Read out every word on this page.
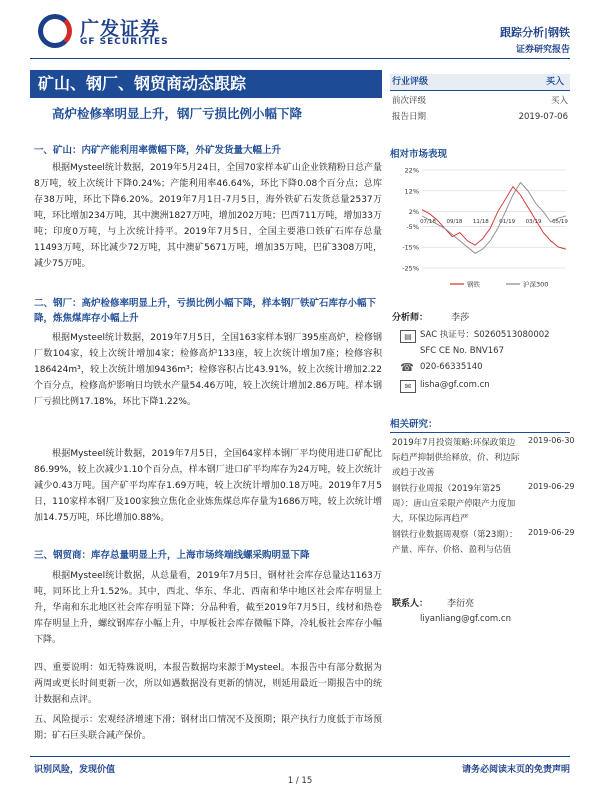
广发证券
GF SECURITIES
跟踪分析|钢铁
证券研究报告
矿山、钢厂、钢贸商动态跟踪
高炉检修率明显上升，钢厂亏损比例小幅下降
一、矿山：内矿产能利用率微幅下降，外矿发货量大幅上升
根据Mysteel统计数据，2019年5月24日，全国70家样本矿山企业铁精粉日总产量8万吨，较上次统计下降0.24%；产能利用率46.64%，环比下降0.08个百分点；总库存38万吨，环比下降6.20%。2019年7月1日-7月5日，海外铁矿石发货总量2537万吨，环比增加234万吨，其中澳洲1827万吨，增加202万吨；巴西711万吨，增加33万吨；印度0万吨，与上次统计持平。2019年7月5日，全国主要港口铁矿石库存总量11493万吨，环比减少72万吨，其中澳矿5671万吨，增加35万吨，巴矿3308万吨，减少75万吨。
二、钢厂：高炉检修率明显上升，亏损比例小幅下降，样本钢厂铁矿石库存小幅下降，炼焦煤库存小幅上升
根据Mysteel统计数据，2019年7月5日，全国163家样本钢厂395座高炉，检修钢厂数104家，较上次统计增加4家；检修高炉133座，较上次统计增加7座；检修容积186424m³，较上次统计增加9436m³；检修容积占比43.91%，较上次统计增加2.22个百分点，检修高炉影响日均铁水产量54.46万吨，较上次统计增加2.86万吨。样本钢厂亏损比例17.18%，环比下降1.22%。
根据Mysteel统计数据，2019年7月5日，全国64家样本钢厂平均使用进口矿配比86.99%，较上次减少1.10个百分点，样本钢厂进口矿平均库存为24万吨，较上次统计减少0.43万吨。国产矿平均库存1.69万吨，较上次统计增加0.18万吨。2019年7月5日，110家样本钢厂及100家独立焦化企业炼焦煤总库存量为1686万吨，较上次统计增加14.75万吨，环比增加0.88%。
三、钢贸商：库存总量明显上升，上海市场终端线螺采购明显下降
根据Mysteel统计数据，从总量看，2019年7月5日，钢材社会库存总量达1163万吨，同环比上升1.52%。其中，西北、华东、华北、西南和华中地区社会库存明显上升，华南和东北地区社会库存明显下降；分品种看，截至2019年7月5日，线材和热卷库存明显上升，螺纹钢库存小幅上升，中厚板社会库存微幅下降，冷轧板社会库存小幅下降。
四、重要说明：如无特殊说明，本报告数据均来源于Mysteel。本报告中有部分数据为两周或更长时间更新一次，所以如遇数据没有更新的情况，则延用最近一期报告中的统计数据和点评。
五、风险提示：宏观经济增速下滑；钢材出口情况不及预期；限产执行力度低于市场预期；矿石巨头联合减产保价。
行业评级	买入
前次评级	买入
报告日期	2019-07-06
相对市场表现
22%
12%
2%
-5%
-15%
-25%
07/18 09/18 11/18 01/19 03/19 05/19
钢铁	沪深300
分析师：	李莎
▤ SAC 执证号：S0260513080002
SFC CE No. BNV167
☎ 020-66335140
✉	lisha@gf.com.cn
相关研究：
2019年7月投资策略:环保政策边际趋严抑制供给释放，价、利边际或趋于改善
2019-06-30
钢铁行业周报（2019年第25周）：唐山宣采限产停限产力度加大，环保边际再趋严
2019-06-29
钢铁行业数据周观察（第23期）：产量、库存、价格、盈利与估值
2019-06-29
联系人： 李衍亮
liyanliang@gf.com.cn
识别风险，发现价值	请务必阅读末页的免责声明
1 / 15
